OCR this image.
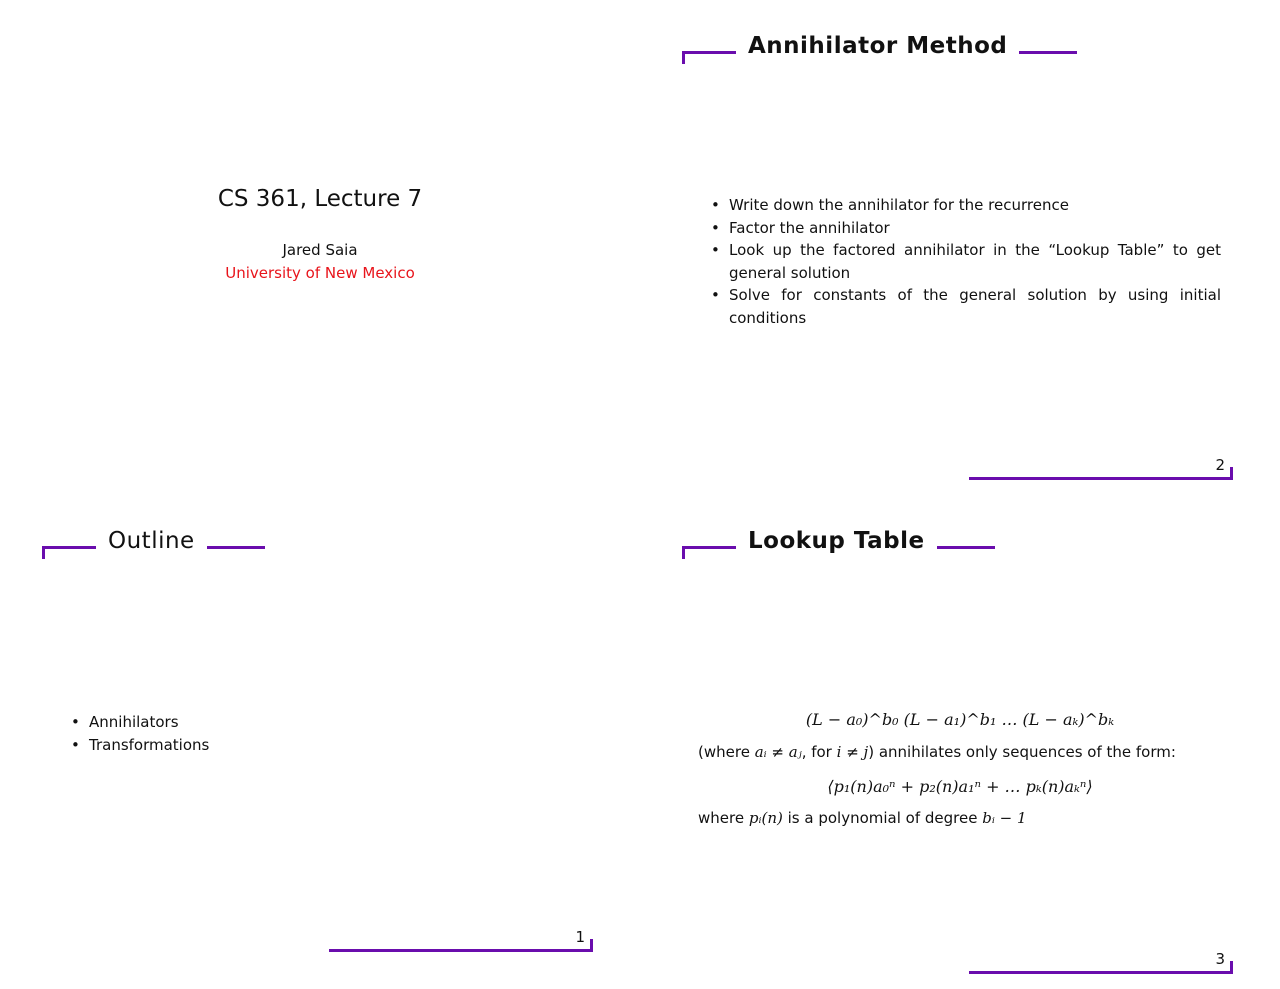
CS 361, Lecture 7
Jared Saia
University of New Mexico
Annihilator Method
• Write down the annihilator for the recurrence
• Factor the annihilator
• Look up the factored annihilator in the “Lookup Table” to get general solution
• Solve for constants of the general solution by using initial conditions
2
Outline
• Annihilators
• Transformations
1
Lookup Table
(L − a₀)^b₀ (L − a₁)^b₁ … (L − aₖ)^bₖ
(where aᵢ ≠ aⱼ, for i ≠ j) annihilates only sequences of the form:
⟨p₁(n)a₀ⁿ + p₂(n)a₁ⁿ + … pₖ(n)aₖⁿ⟩
where pᵢ(n) is a polynomial of degree bᵢ − 1
3
